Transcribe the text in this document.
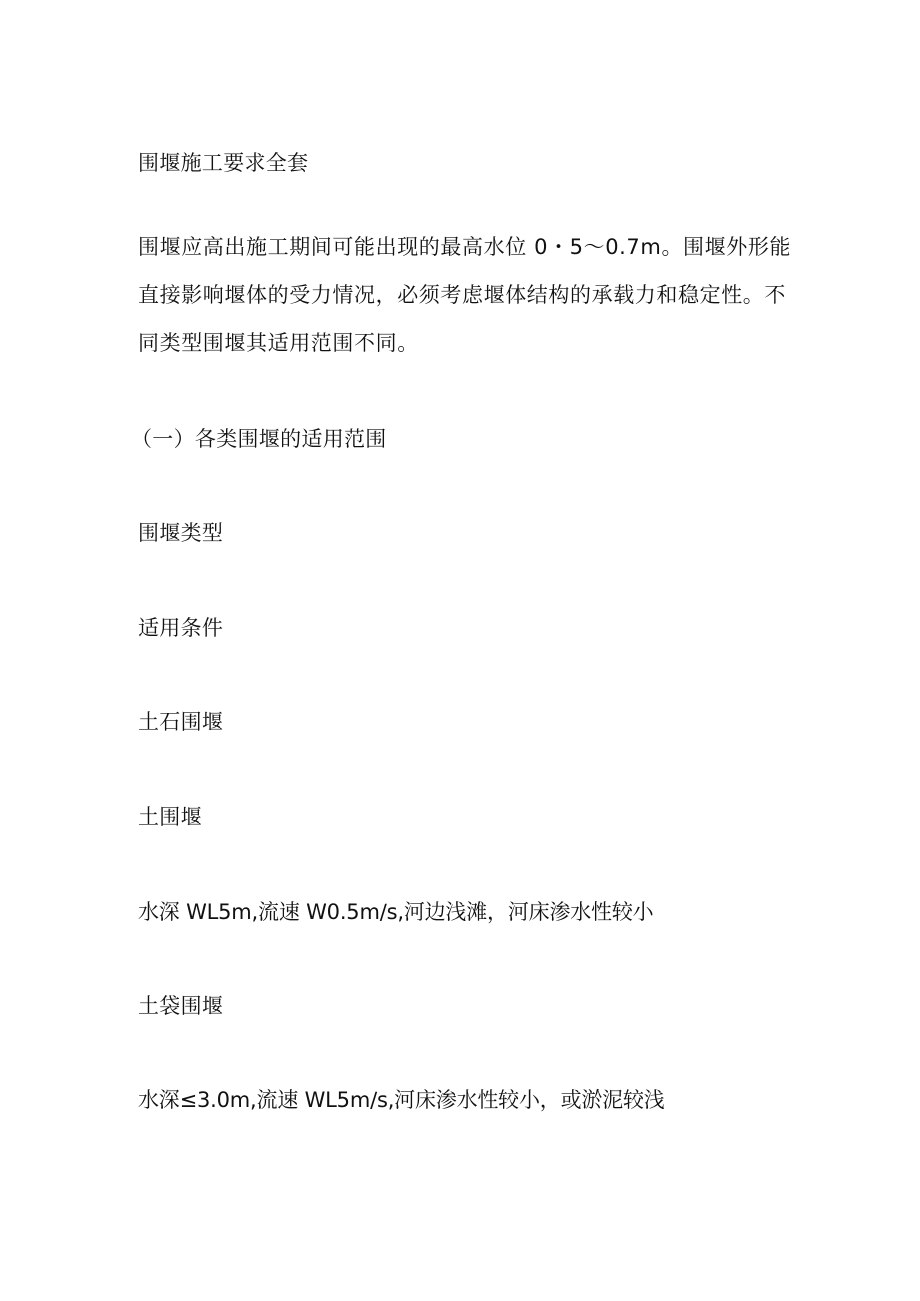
围堰施工要求全套
围堰应高出施工期间可能出现的最高水位 0・5～0.7m。围堰外形能
直接影响堰体的受力情况，必须考虑堰体结构的承载力和稳定性。不
同类型围堰其适用范围不同。
（一）各类围堰的适用范围
围堰类型
适用条件
土石围堰
土围堰
水深 WL5m,流速 W0.5m∕s,河边浅滩，河床渗水性较小
土袋围堰
水深≤3.0m,流速 WL5m∕s,河床渗水性较小，或淤泥较浅
